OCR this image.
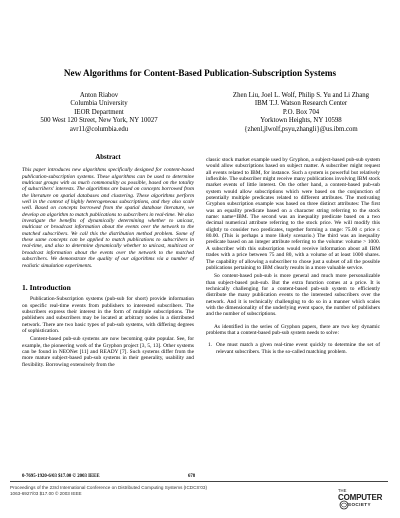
New Algorithms for Content-Based Publication-Subscription Systems
Anton Riabov
Columbia University
IEOR Department
500 West 120 Street, New York, NY 10027
avr11@columbia.edu
Zhen Liu, Joel L. Wolf, Philip S. Yu and Li Zhang
IBM T.J. Watson Research Center
P.O. Box 704
Yorktown Heights, NY 10598
{zhenl,jlwolf,psyu,zhangli}@us.ibm.com
Abstract

This paper introduces new algorithms specifically designed for content-based publication-subscription systems. These algorithms can be used to determine multicast groups with as much commonality as possible, based on the totality of subscribers' interests. The algorithms are based on concepts borrowed from the literature on spatial databases and clustering. These algorithms perform well in the context of highly heterogeneous subscriptions, and they also scale well. Based on concepts borrowed from the spatial database literature, we develop an algorithm to match publications to subscribers in real-time. We also investigate the benefits of dynamically determining whether to unicast, multicast or broadcast information about the events over the network to the matched subscribers. We call this the distribution method problem. Some of these same concepts can be applied to match publications to subscribers in real-time, and also to determine dynamically whether to unicast, multicast or broadcast information about the events over the network to the matched subscribers. We demonstrate the quality of our algorithms via a number of realistic simulation experiments.

1. Introduction

Publication-Subscription systems (pub-sub for short) provide information on specific real-time events from publishers to interested subscribers. The subscribers express their interest in the form of multiple subscriptions. The publishers and subscribers may be located at arbitrary nodes in a distributed network. There are two basic types of pub-sub systems, with differing degrees of sophistication.

Content-based pub-sub systems are now becoming quite popular. See, for example, the pioneering work of the Gryphon project [3, 5, 13]. Other systems can be found in NEONet [11] and READY [7]. Such systems differ from the more mature subject-based pub-sub systems in their generality, usability and flexibility. Borrowing extensively from the

classic stock market example used by Gryphon, a subject-based pub-sub system would allow subscriptions based on subject matter. A subscriber might request all events related to IBM, for instance. Such a system is powerful but relatively inflexible. The subscriber might receive many publications involving IBM stock market events of little interest. On the other hand, a content-based pub-sub system would allow subscriptions which were based on the conjunction of potentially multiple predicates related to different attributes. The motivating Gryphon subscription example was based on three distinct attributes: The first was an equality predicate based on a character string referring to the stock name: name=IBM. The second was an inequality predicate based on a two decimal numerical attribute referring to the stock price. We will modify this slightly to consider two predicates, together forming a range: 75.00 ≤ price ≤ 80.00. (This is perhaps a more likely scenario.) The third was an inequality predicate based on an integer attribute referring to the volume: volume > 1000. A subscriber with this subscription would receive information about all IBM trades with a price between 75 and 80, with a volume of at least 1000 shares. The capability of allowing a subscriber to chose just a subset of all the possible publications pertaining to IBM clearly results in a more valuable service.

So content-based pub-sub is more general and much more personalizable than subject-based pub-sub. But the extra function comes at a price. It is technically challenging for a content-based pub-sub system to efficiently distribute the many publication events to the interested subscribers over the network. And it is technically challenging to do so in a manner which scales with the dimensionality of the underlying event space, the number of publishers and the number of subscriptions.

As identified in the series of Gryphon papers, there are two key dynamic problems that a content-based pub-sub system needs to solve:

1. One must match a given real-time event quickly to determine the set of relevant subscribers. This is the so-called matching problem.
0-7695-1920-6/03 $17.00 © 2003 IEEE	678
Proceedings of the 23rd International Conference on Distributed Computing Systems (ICDCS'03)
1063-6927/03 $17.00 © 2003 IEEE
THE
COMPUTER
SOCIETY
